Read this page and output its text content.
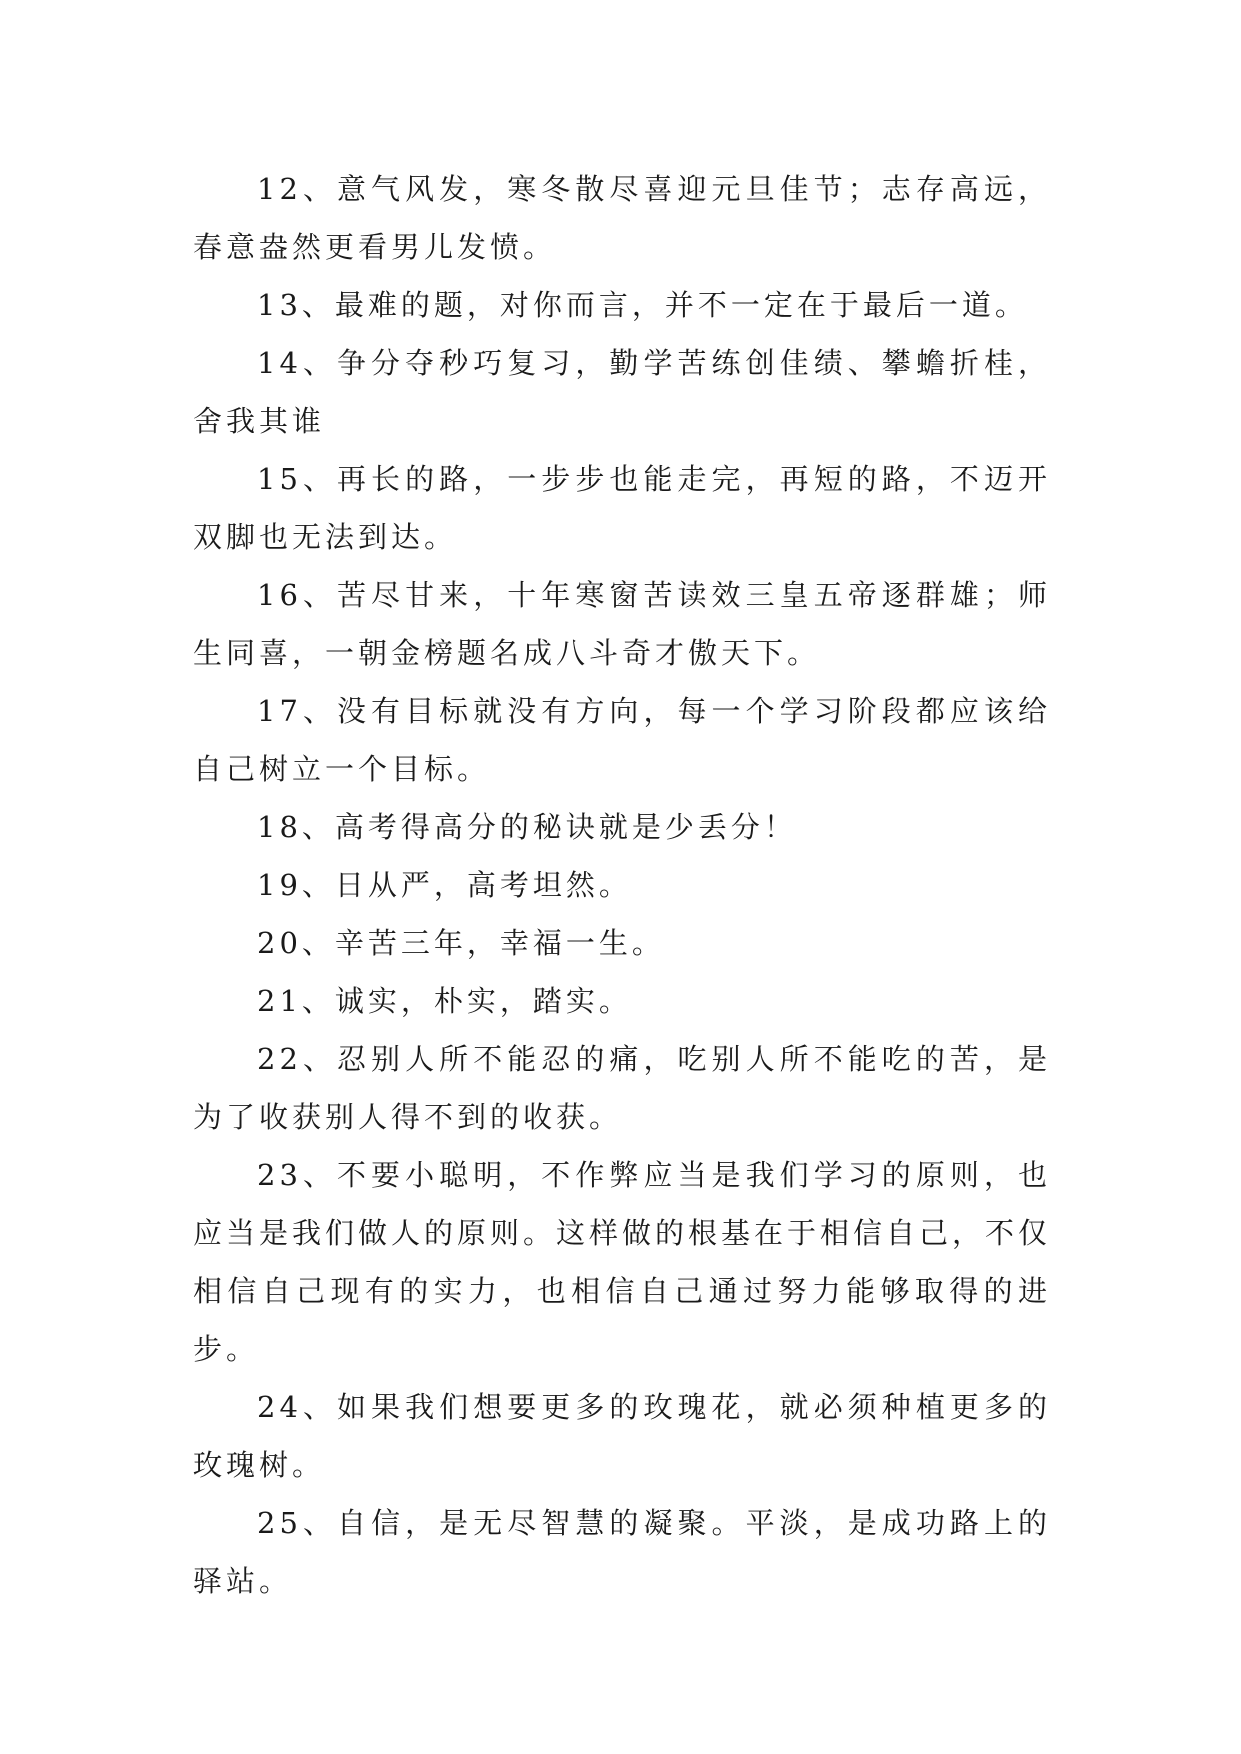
12、意气风发，寒冬散尽喜迎元旦佳节；志存高远，春意盎然更看男儿发愤。

13、最难的题，对你而言，并不一定在于最后一道。

14、争分夺秒巧复习，勤学苦练创佳绩、攀蟾折桂，舍我其谁

15、再长的路，一步步也能走完，再短的路，不迈开双脚也无法到达。

16、苦尽甘来，十年寒窗苦读效三皇五帝逐群雄；师生同喜，一朝金榜题名成八斗奇才傲天下。

17、没有目标就没有方向，每一个学习阶段都应该给自己树立一个目标。

18、高考得高分的秘诀就是少丢分！

19、日从严，高考坦然。

20、辛苦三年，幸福一生。

21、诚实，朴实，踏实。

22、忍别人所不能忍的痛，吃别人所不能吃的苦，是为了收获别人得不到的收获。

23、不要小聪明，不作弊应当是我们学习的原则，也应当是我们做人的原则。这样做的根基在于相信自己，不仅相信自己现有的实力，也相信自己通过努力能够取得的进步。

24、如果我们想要更多的玫瑰花，就必须种植更多的玫瑰树。

25、自信，是无尽智慧的凝聚。平淡，是成功路上的驿站。
